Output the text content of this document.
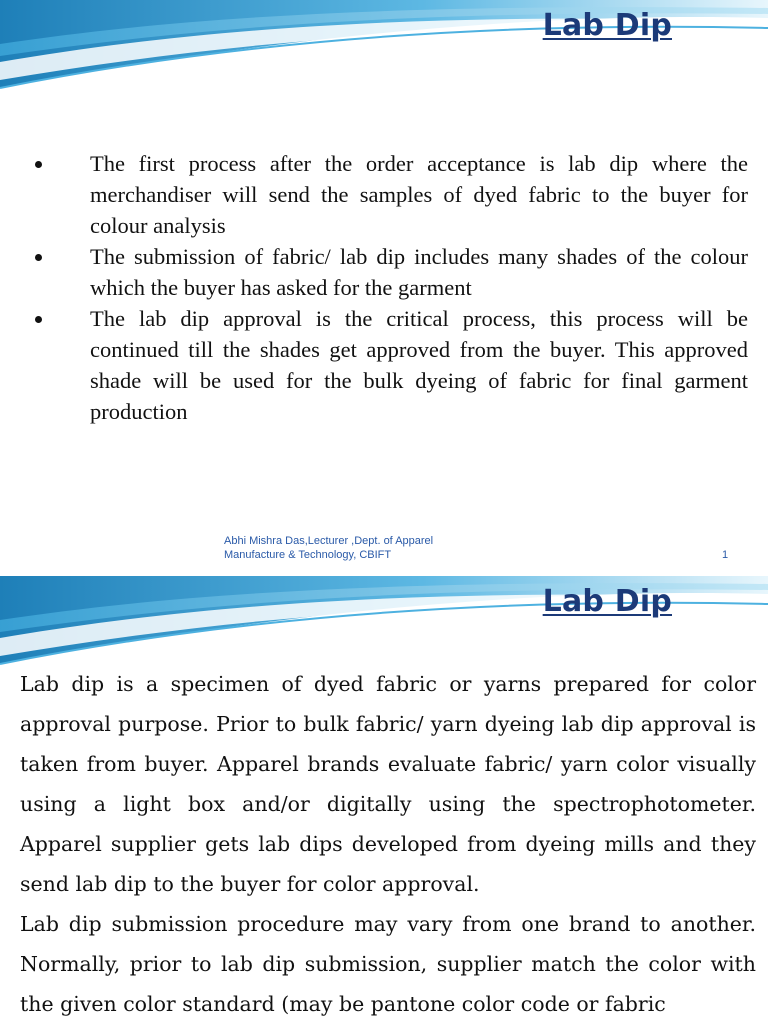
Lab Dip
The first process after the order acceptance is lab dip where the merchandiser will send the samples of dyed fabric to the buyer for colour analysis
The submission of fabric/ lab dip includes many shades of the colour which the buyer has asked for the garment
The lab dip approval is the critical process, this process will be continued till the shades get approved from the buyer. This approved shade will be used for the bulk dyeing of fabric for final garment production
Abhi Mishra Das,Lecturer ,Dept. of Apparel
Manufacture & Technology, CBIFT	1
Lab Dip

Lab dip is a specimen of dyed fabric or yarns prepared for color approval purpose. Prior to bulk fabric/ yarn dyeing lab dip approval is taken from buyer. Apparel brands evaluate fabric/ yarn color visually using a light box and/or digitally using the spectrophotometer. Apparel supplier gets lab dips developed from dyeing mills and they send lab dip to the buyer for color approval.

Lab dip submission procedure may vary from one brand to another. Normally, prior to lab dip submission, supplier match the color with the given color standard (may be pantone color code or fabric
